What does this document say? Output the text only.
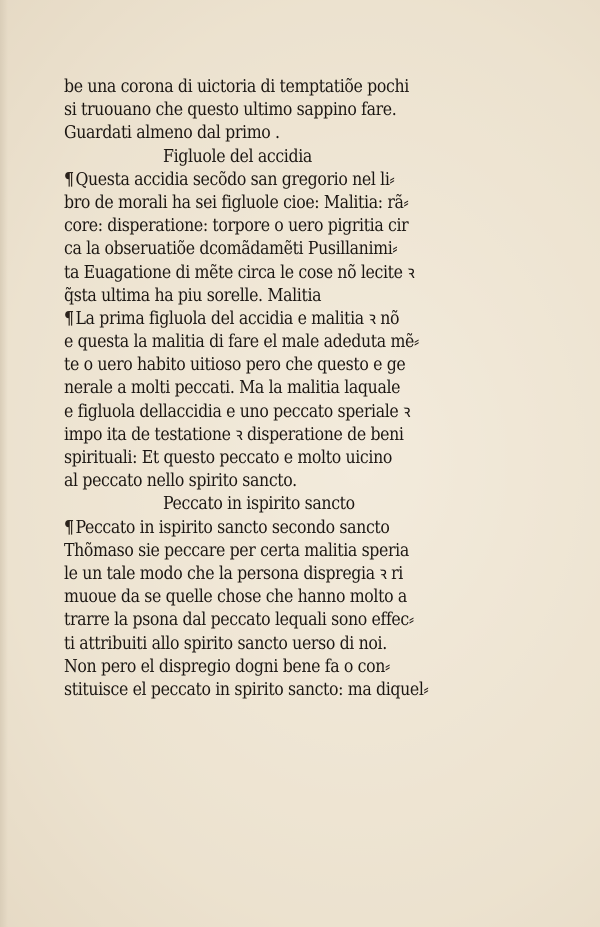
be una corona di uictoria di temptatiõe pochi
si truouano che questo ultimo sappino fare.
Guardati almeno dal primo .
Figluole del accidia
¶ Questa accidia secõdo san gregorio nel li⸗
bro de morali ha sei figluole cioe: Malitia: rã⸗
core: disperatione: torpore o uero pigritia cir
ca la obseruatiõe dcomãdamẽti Pusillanimi⸗
ta Euagatione di mẽte circa le cose nõ lecite ꝛ
q̃sta ultima ha piu sorelle. Malitia
¶ La prima figluola del accidia e malitia ꝛ nõ
e questa la malitia di fare el male adeduta mẽ⸗
te o uero habito uitioso pero che questo e ge
nerale a molti peccati. Ma la malitia laquale
e figluola dellaccidia e uno peccato speriale ꝛ
impo ita de testatione ꝛ disperatione de beni
spirituali: Et questo peccato e molto uicino
al peccato nello spirito sancto.
Peccato in ispirito sancto
¶ Peccato in ispirito sancto secondo sancto
Thõmaso sie peccare per certa malitia speria
le un tale modo che la persona dispregia ꝛ ri
muoue da se quelle chose che hanno molto a
trarre la psona dal peccato lequali sono effec⸗
ti attribuiti allo spirito sancto uerso di noi.
Non pero el dispregio dogni bene fa o con⸗
stituisce el peccato in spirito sancto: ma diquel⸗
